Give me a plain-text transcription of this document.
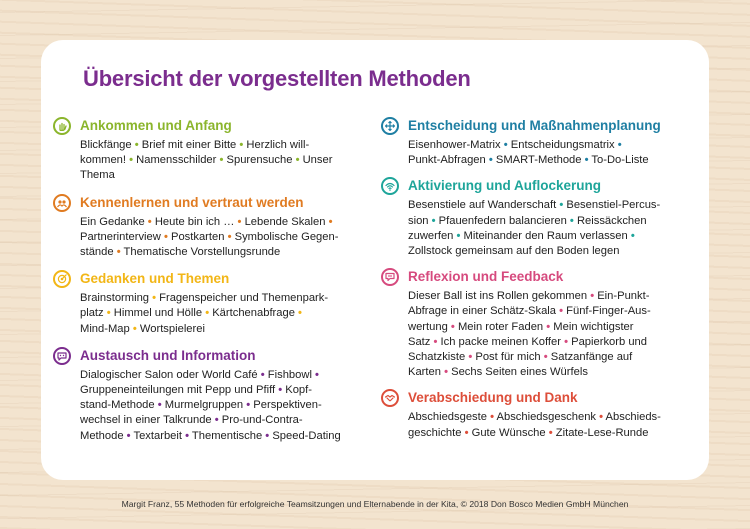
Übersicht der vorgestellten Methoden
Ankommen und Anfang
Blickfänge • Brief mit einer Bitte • Herzlich will-
kommen! • Namensschilder • Spurensuche • Unser
Thema
Kennenlernen und vertraut werden
Ein Gedanke • Heute bin ich … • Lebende Skalen •
Partnerinterview • Postkarten • Symbolische Gegen-
stände • Thematische Vorstellungsrunde
Gedanken und Themen
Brainstorming • Fragenspeicher und Themenpark-
platz • Himmel und Hölle • Kärtchenabfrage •
Mind-Map • Wortspielerei
Austausch und Information
Dialogischer Salon oder World Café • Fishbowl •
Gruppeneinteilungen mit Pepp und Pfiff • Kopf-
stand-Methode • Murmelgruppen • Perspektiven-
wechsel in einer Talkrunde • Pro-und-Contra-
Methode • Textarbeit • Thementische • Speed-Dating
Entscheidung und Maßnahmenplanung
Eisenhower-Matrix • Entscheidungsmatrix •
Punkt-Abfragen • SMART-Methode • To-Do-Liste
Aktivierung und Auflockerung
Besenstiele auf Wanderschaft • Besenstiel-Percus-
sion • Pfauenfedern balancieren • Reissäckchen
zuwerfen • Miteinander den Raum verlassen •
Zollstock gemeinsam auf den Boden legen
Reflexion und Feedback
Dieser Ball ist ins Rollen gekommen • Ein-Punkt-
Abfrage in einer Schätz-Skala • Fünf-Finger-Aus-
wertung • Mein roter Faden • Mein wichtigster
Satz • Ich packe meinen Koffer • Papierkorb und
Schatzkiste • Post für mich • Satzanfänge auf
Karten • Sechs Seiten eines Würfels
Verabschiedung und Dank
Abschiedsgeste • Abschiedsgeschenk • Abschieds-
geschichte • Gute Wünsche • Zitate-Lese-Runde
Margit Franz, 55 Methoden für erfolgreiche Teamsitzungen und Elternabende in der Kita, © 2018 Don Bosco Medien GmbH München
